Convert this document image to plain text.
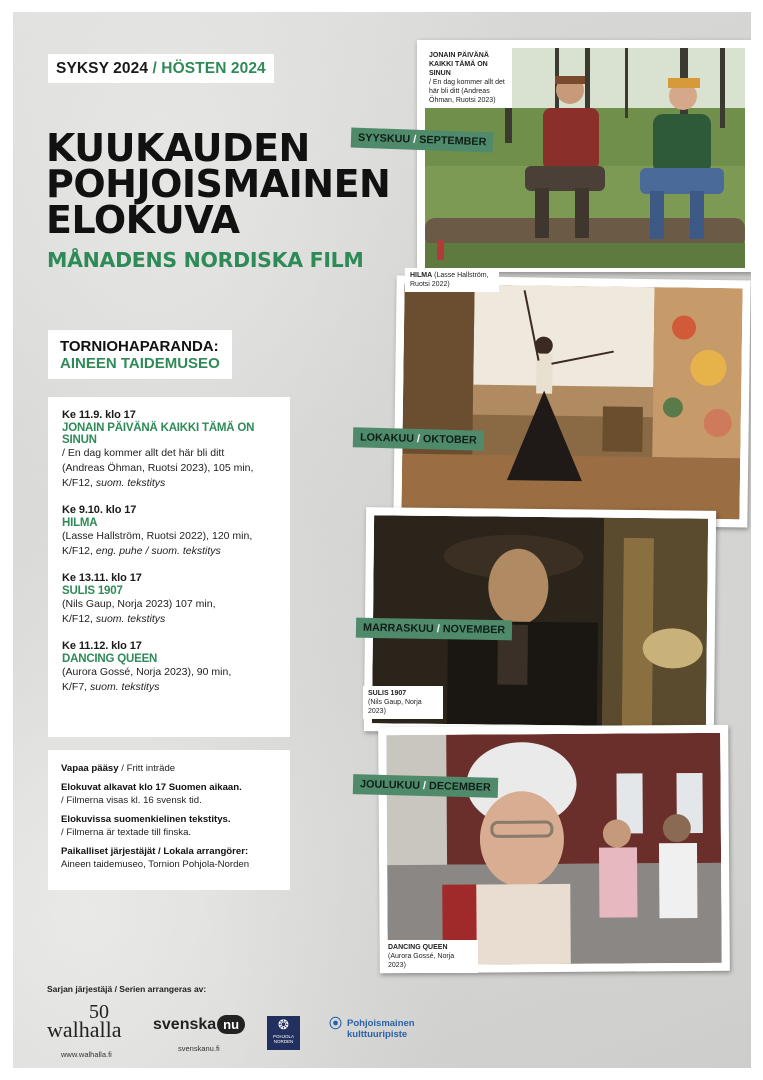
SYKSY 2024 / HÖSTEN 2024
KUUKAUDEN
POHJOISMAINEN
ELOKUVA
MÅNADENS NORDISKA FILM
TORNIOHAPARANDA:
AINEEN TAIDEMUSEO
Ke 11.9. klo 17
JONAIN PÄIVÄNÄ KAIKKI TÄMÄ ON SINUN
/ En dag kommer allt det här bli ditt
(Andreas Öhman, Ruotsi 2023), 105 min,
K/F12, suom. tekstitys
Ke 9.10. klo 17
HILMA
(Lasse Hallström, Ruotsi 2022), 120 min,
K/F12, eng. puhe / suom. tekstitys
Ke 13.11. klo 17
SULIS 1907
(Nils Gaup, Norja 2023) 107 min,
K/F12, suom. tekstitys
Ke 11.12. klo 17
DANCING QUEEN
(Aurora Gossé, Norja 2023), 90 min,
K/F7, suom. tekstitys
Vapaa pääsy / Fritt inträde
Elokuvat alkavat klo 17 Suomen aikaan.
/ Filmerna visas kl. 16 svensk tid.
Elokuvissa suomenkielinen tekstitys.
/ Filmerna är textade till finska.
Paikalliset järjestäjät / Lokala arrangörer:
Aineen taidemuseo, Tornion Pohjola-Norden
Sarjan järjestäjä / Serien arrangeras av:
50
walhalla
www.walhalla.fi
svenska nu
svenskanu.fi
❂
POHJOLA NORDEN
⦿ Pohjoismainen
kulttuuripiste
JONAIN PÄIVÄNÄ KAIKKI TÄMÄ ON SINUN
/ En dag kommer allt det här bli ditt (Andreas Öhman, Ruotsi 2023)
SYYSKUU / SEPTEMBER
HILMA (Lasse Hallström, Ruotsi 2022)
LOKAKUU / OKTOBER
SULIS 1907
(Nils Gaup, Norja 2023)
MARRASKUU / NOVEMBER
DANCING QUEEN
(Aurora Gossé, Norja 2023)
JOULUKUU / DECEMBER
